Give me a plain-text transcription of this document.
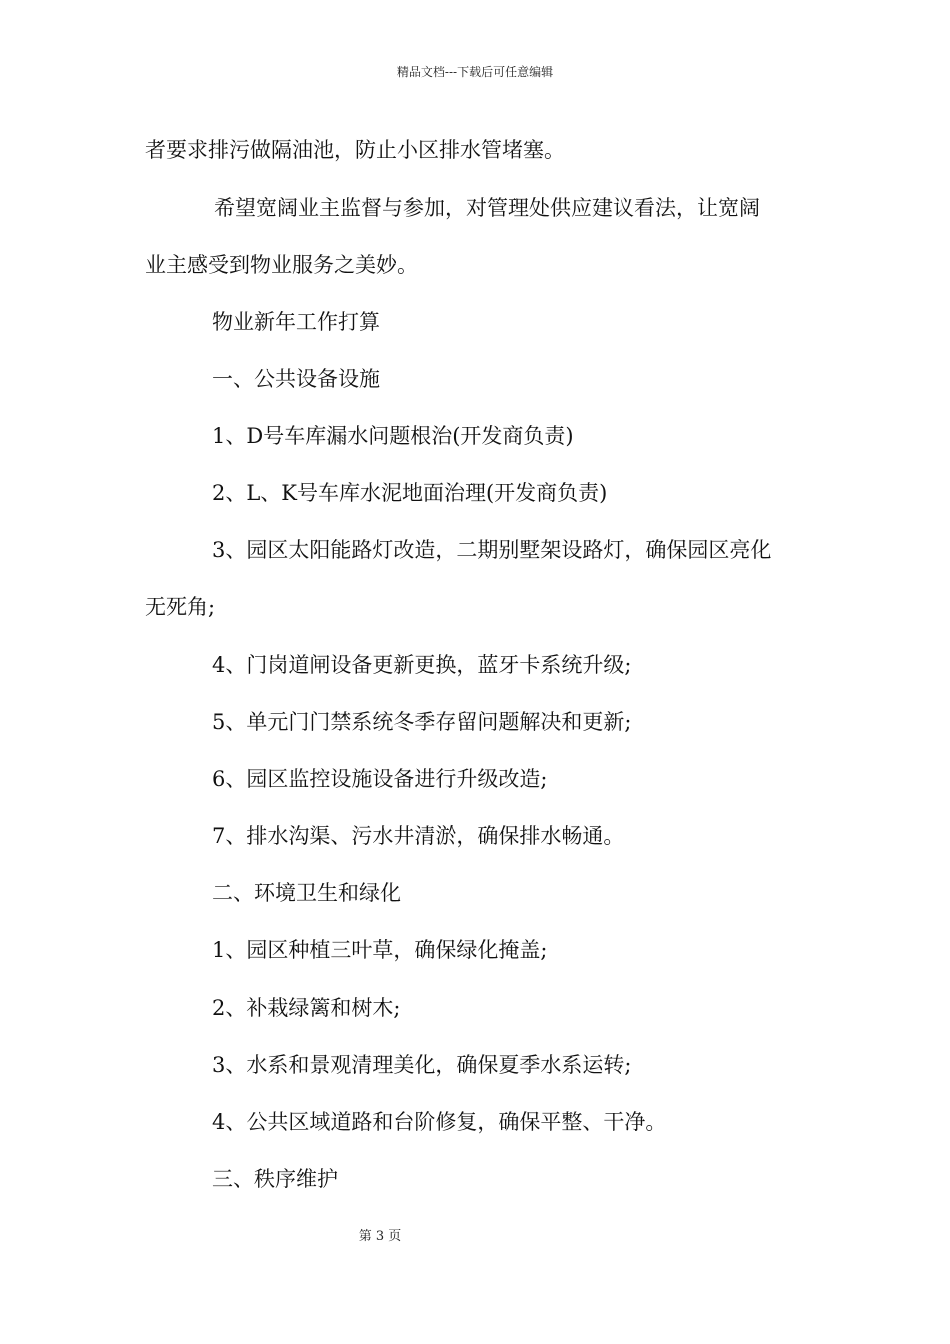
精品文档---下载后可任意编辑
者要求排污做隔油池，防止小区排水管堵塞。
希望宽阔业主监督与参加，对管理处供应建议看法，让宽阔
业主感受到物业服务之美妙。
物业新年工作打算
一、公共设备设施
1、D号车库漏水问题根治(开发商负责)
2、L、K号车库水泥地面治理(开发商负责)
3、园区太阳能路灯改造，二期别墅架设路灯，确保园区亮化
无死角;
4、门岗道闸设备更新更换，蓝牙卡系统升级;
5、单元门门禁系统冬季存留问题解决和更新;
6、园区监控设施设备进行升级改造;
7、排水沟渠、污水井清淤，确保排水畅通。
二、环境卫生和绿化
1、园区种植三叶草，确保绿化掩盖;
2、补栽绿篱和树木;
3、水系和景观清理美化，确保夏季水系运转;
4、公共区域道路和台阶修复，确保平整、干净。
三、秩序维护
第 3 页
